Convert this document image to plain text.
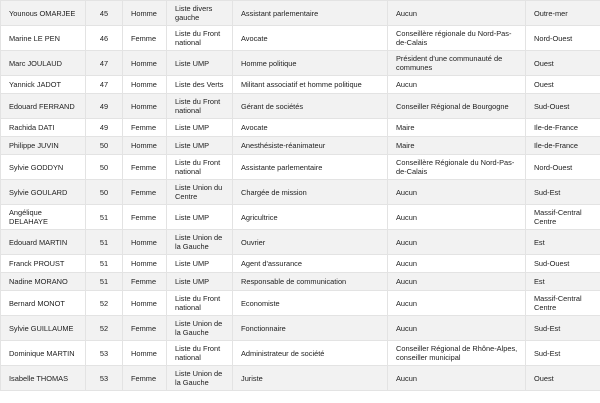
Younous OMARJEE	45	Homme	Liste divers gauche	Assistant parlementaire	Aucun	Outre-mer
Marine LE PEN	46	Femme	Liste du Front national	Avocate	Conseillère régionale du Nord-Pas-de-Calais	Nord-Ouest
Marc JOULAUD	47	Homme	Liste UMP	Homme politique	Président d'une communauté de communes	Ouest
Yannick JADOT	47	Homme	Liste des Verts	Militant associatif et homme politique	Aucun	Ouest
Edouard FERRAND	49	Homme	Liste du Front national	Gérant de sociétés	Conseiller Régional de Bourgogne	Sud-Ouest
Rachida DATI	49	Femme	Liste UMP	Avocate	Maire	Ile-de-France
Philippe JUVIN	50	Homme	Liste UMP	Anesthésiste-réanimateur	Maire	Ile-de-France
Sylvie GODDYN	50	Femme	Liste du Front national	Assistante parlementaire	Conseillère Régionale du Nord-Pas-de-Calais	Nord-Ouest
Sylvie GOULARD	50	Femme	Liste Union du Centre	Chargée de mission	Aucun	Sud-Est
Angélique DELAHAYE	51	Femme	Liste UMP	Agricultrice	Aucun	Massif-Central Centre
Edouard MARTIN	51	Homme	Liste Union de la Gauche	Ouvrier	Aucun	Est
Franck PROUST	51	Homme	Liste UMP	Agent d'assurance	Aucun	Sud-Ouest
Nadine MORANO	51	Femme	Liste UMP	Responsable de communication	Aucun	Est
Bernard MONOT	52	Homme	Liste du Front national	Economiste	Aucun	Massif-Central Centre
Sylvie GUILLAUME	52	Femme	Liste Union de la Gauche	Fonctionnaire	Aucun	Sud-Est
Dominique MARTIN	53	Homme	Liste du Front national	Administrateur de société	Conseiller Régional de Rhône-Alpes, conseiller municipal	Sud-Est
Isabelle THOMAS	53	Femme	Liste Union de la Gauche	Juriste	Aucun	Ouest
